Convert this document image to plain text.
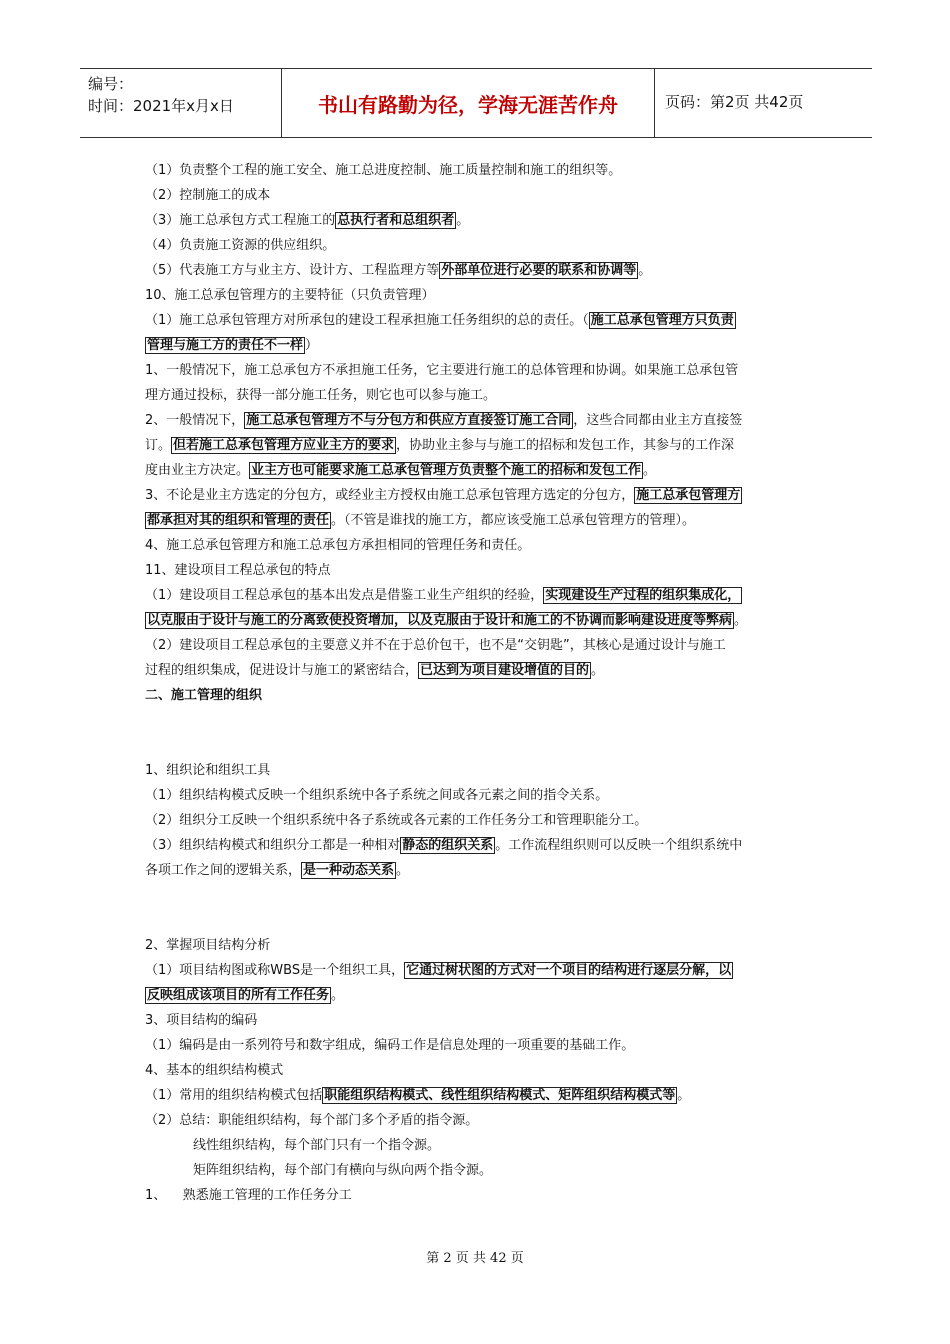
编号：
时间：2021年x月x日	书山有路勤为径，学海无涯苦作舟	页码：第2页 共42页
（1）负责整个工程的施工安全、施工总进度控制、施工质量控制和施工的组织等。
（2）控制施工的成本
（3）施工总承包方式工程施工的 总执行者和总组织者 。
（4）负责施工资源的供应组织。
（5）代表施工方与业主方、设计方、工程监理方等 外部单位进行必要的联系和协调等 。
10、施工总承包管理方的主要特征（只负责管理）
（1）施工总承包管理方对所承包的建设工程承担施工任务组织的总的责任。（ 施工总承包管理方只负责
管理与施工方的责任不一样 ）
1、一般情况下，施工总承包方不承担施工任务，它主要进行施工的总体管理和协调。如果施工总承包管
理方通过投标，获得一部分施工任务，则它也可以参与施工。
2、一般情况下， 施工总承包管理方不与分包方和供应方直接签订施工合同 ，这些合同都由业主方直接签
订。 但若施工总承包管理方应业主方的要求 ，协助业主参与与施工的招标和发包工作，其参与的工作深
度由业主方决定。 业主方也可能要求施工总承包管理方负责整个施工的招标和发包工作 。
3、不论是业主方选定的分包方，或经业主方授权由施工总承包管理方选定的分包方， 施工总承包管理方
都承担对其的组织和管理的责任 。（不管是谁找的施工方，都应该受施工总承包管理方的管理）。
4、施工总承包管理方和施工总承包方承担相同的管理任务和责任。
11、建设项目工程总承包的特点
（1）建设项目工程总承包的基本出发点是借鉴工业生产组织的经验， 实现建设生产过程的组织集成化，
以克服由于设计与施工的分离致使投资增加，以及克服由于设计和施工的不协调而影响建设进度等弊病 。
（2）建设项目工程总承包的主要意义并不在于总价包干，也不是“交钥匙”，其核心是通过设计与施工
过程的组织集成，促进设计与施工的紧密结合， 已达到为项目建设增值的目的 。
二、施工管理的组织
1、组织论和组织工具
（1）组织结构模式反映一个组织系统中各子系统之间或各元素之间的指令关系。
（2）组织分工反映一个组织系统中各子系统或各元素的工作任务分工和管理职能分工。
（3）组织结构模式和组织分工都是一种相对 静态的组织关系 。工作流程组织则可以反映一个组织系统中
各项工作之间的逻辑关系， 是一种动态关系 。
2、掌握项目结构分析
（1）项目结构图或称WBS是一个组织工具， 它通过树状图的方式对一个项目的结构进行逐层分解，以
反映组成该项目的所有工作任务 。
3、项目结构的编码
（1）编码是由一系列符号和数字组成，编码工作是信息处理的一项重要的基础工作。
4、基本的组织结构模式
（1）常用的组织结构模式包括 职能组织结构模式、线性组织结构模式、矩阵组织结构模式等 。
（2）总结：职能组织结构，每个部门多个矛盾的指令源。
线性组织结构，每个部门只有一个指令源。
矩阵组织结构，每个部门有横向与纵向两个指令源。
1、    熟悉施工管理的工作任务分工
第 2 页 共 42 页
